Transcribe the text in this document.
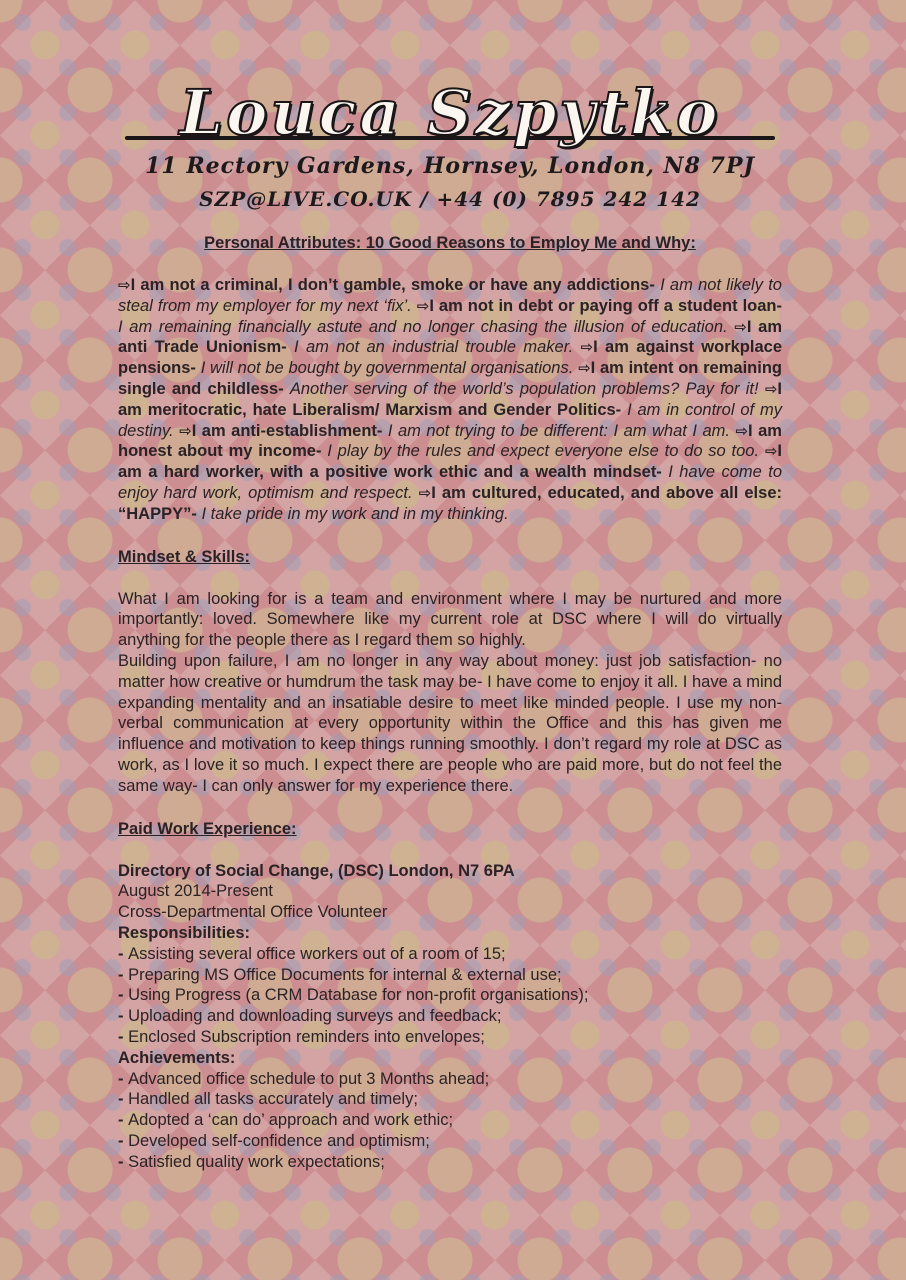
Louca Szpytko
11 Rectory Gardens, Hornsey, London, N8 7PJ
SZP@LIVE.CO.UK / +44 (0) 7895 242 142
Personal Attributes: 10 Good Reasons to Employ Me and Why:

⇨I am not a criminal, I don’t gamble, smoke or have any addictions- I am not likely to steal from my employer for my next ‘fix’. ⇨I am not in debt or paying off a student loan- I am remaining financially astute and no longer chasing the illusion of education. ⇨I am anti Trade Unionism- I am not an industrial trouble maker. ⇨I am against workplace pensions- I will not be bought by governmental organisations. ⇨I am intent on remaining single and childless- Another serving of the world’s population problems? Pay for it! ⇨I am meritocratic, hate Liberalism/ Marxism and Gender Politics- I am in control of my destiny. ⇨I am anti-establishment- I am not trying to be different: I am what I am. ⇨I am honest about my income- I play by the rules and expect everyone else to do so too. ⇨I am a hard worker, with a positive work ethic and a wealth mindset- I have come to enjoy hard work, optimism and respect. ⇨I am cultured, educated, and above all else: “HAPPY”- I take pride in my work and in my thinking.

Mindset & Skills:

What I am looking for is a team and environment where I may be nurtured and more importantly: loved. Somewhere like my current role at DSC where I will do virtually anything for the people there as I regard them so highly.

Building upon failure, I am no longer in any way about money: just job satisfaction- no matter how creative or humdrum the task may be- I have come to enjoy it all. I have a mind expanding mentality and an insatiable desire to meet like minded people. I use my non-verbal communication at every opportunity within the Office and this has given me influence and motivation to keep things running smoothly. I don’t regard my role at DSC as work, as I love it so much. I expect there are people who are paid more, but do not feel the same way- I can only answer for my experience there.

Paid Work Experience:
Directory of Social Change, (DSC) London, N7 6PA
August 2014-Present
Cross-Departmental Office Volunteer
Responsibilities:
- Assisting several office workers out of a room of 15;
- Preparing MS Office Documents for internal & external use;
- Using Progress (a CRM Database for non-profit organisations);
- Uploading and downloading surveys and feedback;
- Enclosed Subscription reminders into envelopes;
Achievements:
- Advanced office schedule to put 3 Months ahead;
- Handled all tasks accurately and timely;
- Adopted a ‘can do’ approach and work ethic;
- Developed self-confidence and optimism;
- Satisfied quality work expectations;
